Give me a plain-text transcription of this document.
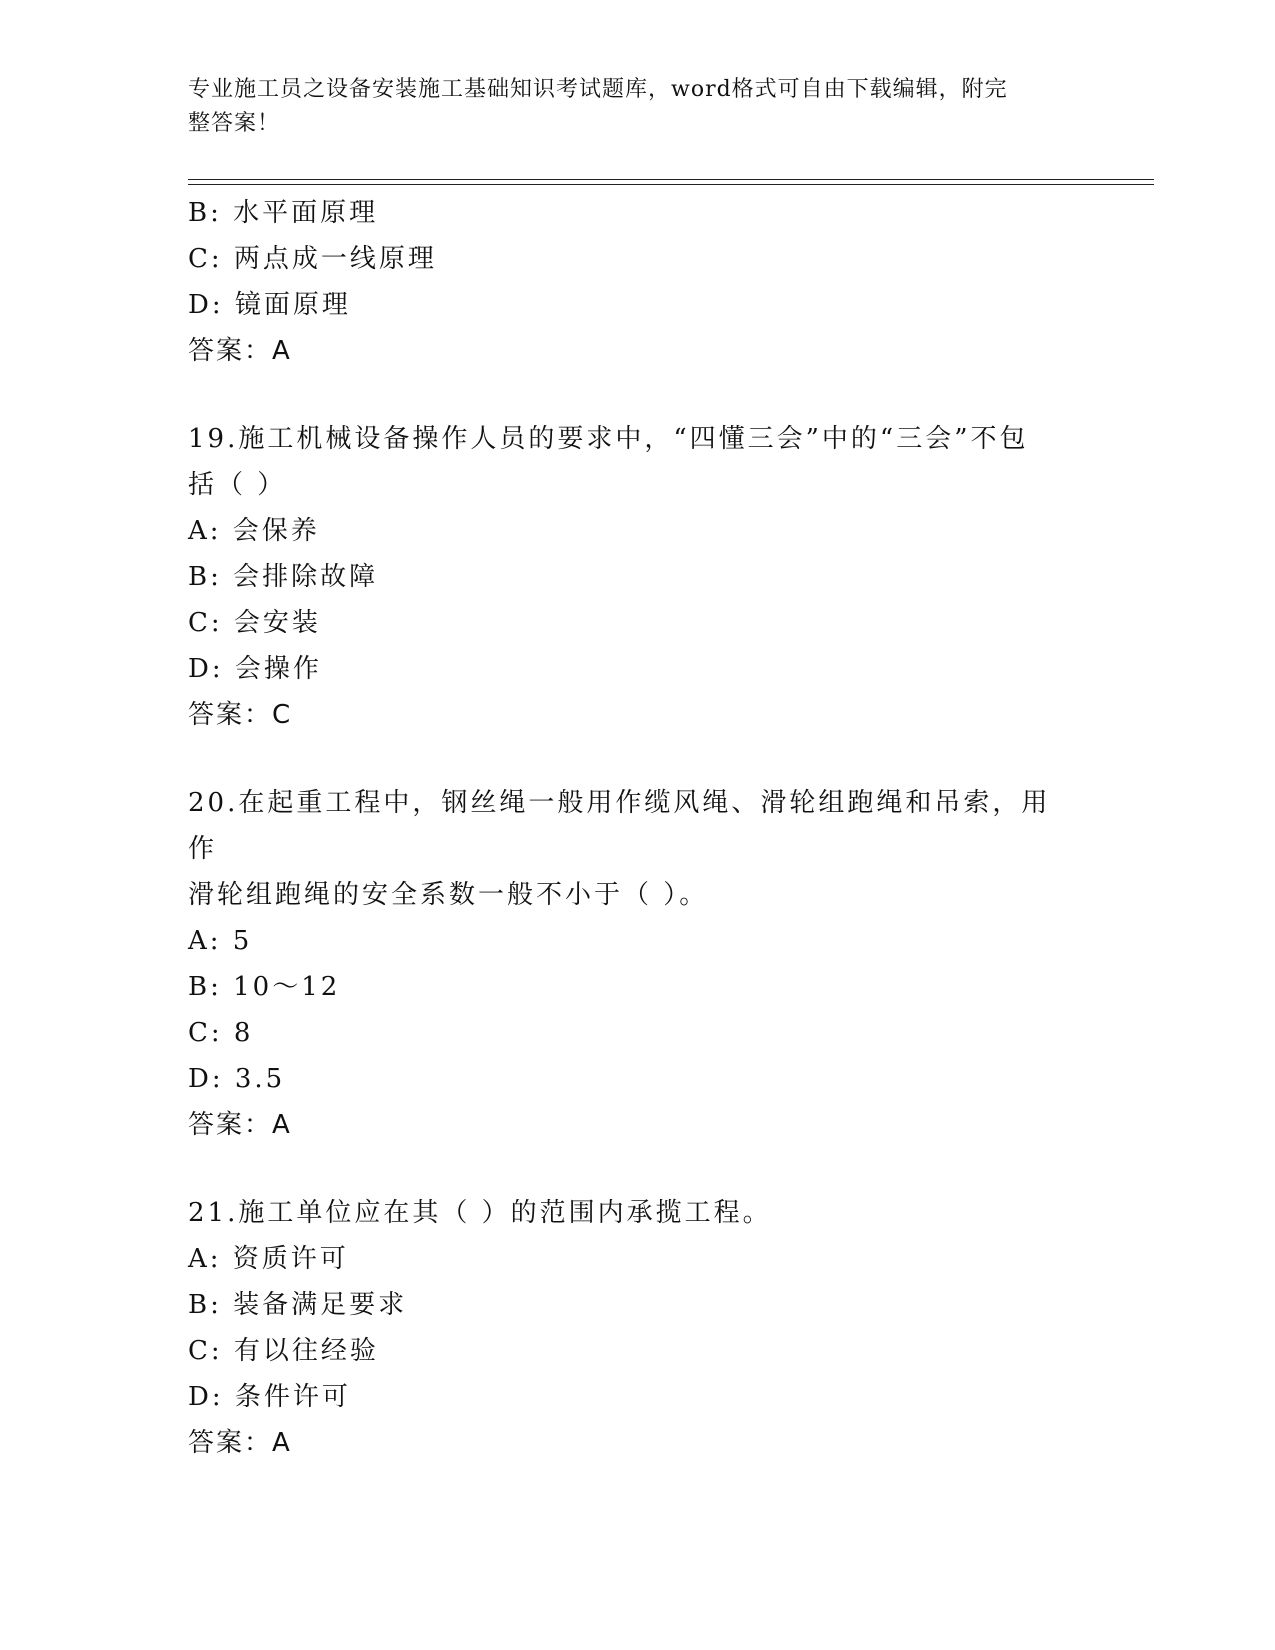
专业施工员之设备安装施工基础知识考试题库，word格式可自由下载编辑，附完
整答案！
B: 水平面原理
C: 两点成一线原理
D: 镜面原理
答案：A
19.施工机械设备操作人员的要求中，“四懂三会”中的“三会”不包
括（ ）
A: 会保养
B: 会排除故障
C: 会安装
D: 会操作
答案：C
20.在起重工程中，钢丝绳一般用作缆风绳、滑轮组跑绳和吊索，用作
滑轮组跑绳的安全系数一般不小于（ ）。
A: 5
B: 10～12
C: 8
D: 3.5
答案：A
21.施工单位应在其（ ）的范围内承揽工程。
A: 资质许可
B: 装备满足要求
C: 有以往经验
D: 条件许可
答案：A
